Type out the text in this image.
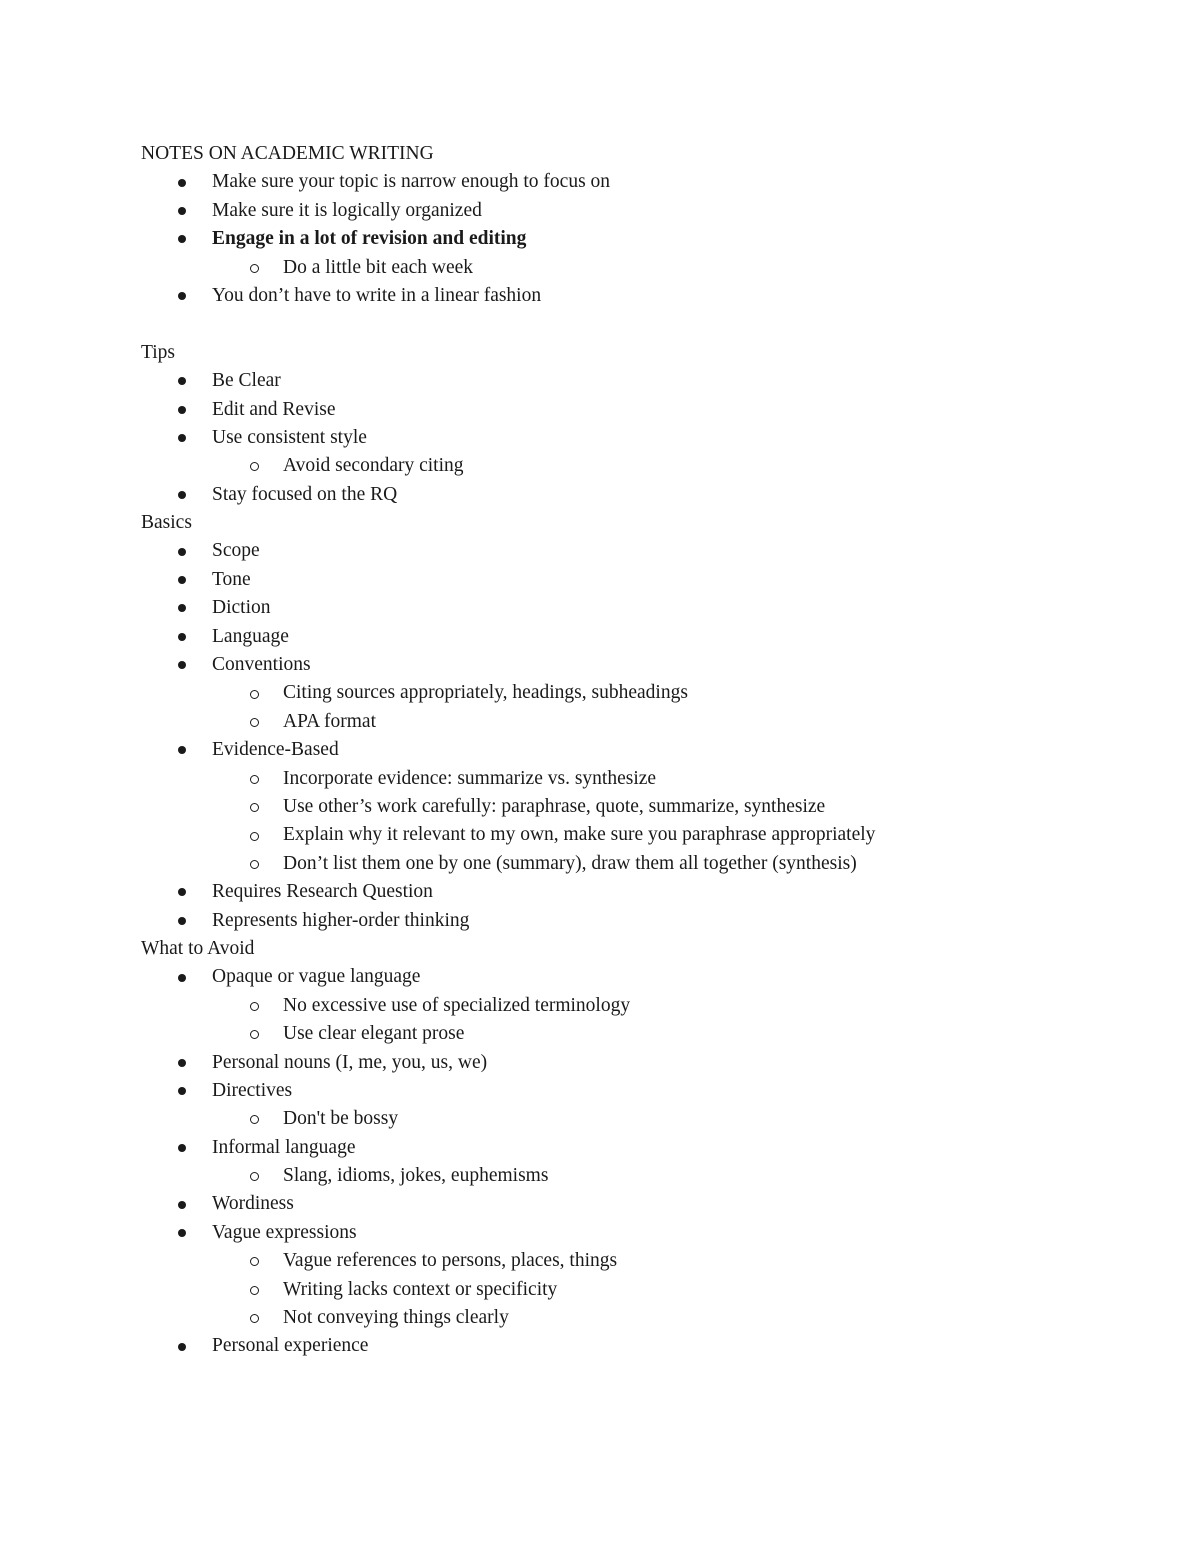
NOTES ON ACADEMIC WRITING
Make sure your topic is narrow enough to focus on
Make sure it is logically organized
Engage in a lot of revision and editing
Do a little bit each week
You don’t have to write in a linear fashion
Tips
Be Clear
Edit and Revise
Use consistent style
Avoid secondary citing
Stay focused on the RQ
Basics
Scope
Tone
Diction
Language
Conventions
Citing sources appropriately, headings, subheadings
APA format
Evidence-Based
Incorporate evidence: summarize vs. synthesize
Use other’s work carefully: paraphrase, quote, summarize, synthesize
Explain why it relevant to my own, make sure you paraphrase appropriately
Don’t list them one by one (summary), draw them all together (synthesis)
Requires Research Question
Represents higher-order thinking
What to Avoid
Opaque or vague language
No excessive use of specialized terminology
Use clear elegant prose
Personal nouns (I, me, you, us, we)
Directives
Don't be bossy
Informal language
Slang, idioms, jokes, euphemisms
Wordiness
Vague expressions
Vague references to persons, places, things
Writing lacks context or specificity
Not conveying things clearly
Personal experience
